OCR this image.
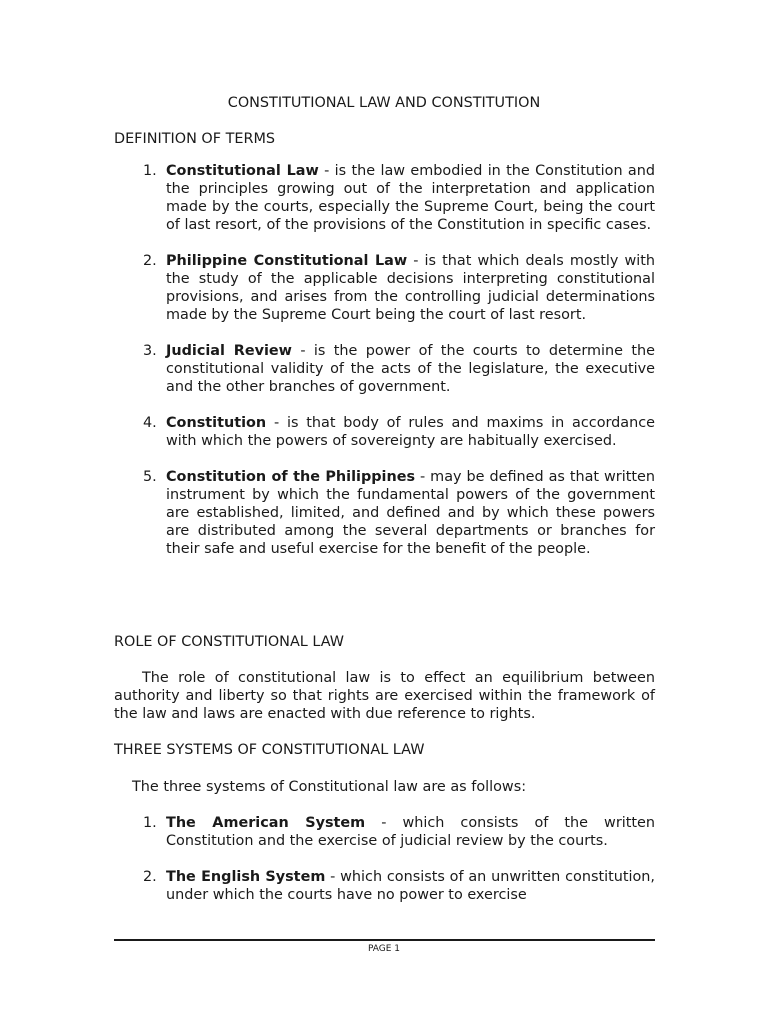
CONSTITUTIONAL LAW AND CONSTITUTION
DEFINITION OF TERMS
1. Constitutional Law - is the law embodied in the Constitution and the principles growing out of the interpretation and application made by the courts, especially the Supreme Court, being the court of last resort, of the provisions of the Constitution in specific cases.
2. Philippine Constitutional Law - is that which deals mostly with the study of the applicable decisions interpreting constitutional provisions, and arises from the controlling judicial determinations made by the Supreme Court being the court of last resort.
3. Judicial Review - is the power of the courts to determine the constitutional validity of the acts of the legislature, the executive and the other branches of government.
4. Constitution - is that body of rules and maxims in accordance with which the powers of sovereignty are habitually exercised.
5. Constitution of the Philippines - may be defined as that written instrument by which the fundamental powers of the government are established, limited, and defined and by which these powers are distributed among the several departments or branches for their safe and useful exercise for the benefit of the people.
ROLE OF CONSTITUTIONAL LAW
The role of constitutional law is to effect an equilibrium between authority and liberty so that rights are exercised within the framework of the law and laws are enacted with due reference to rights.
THREE SYSTEMS OF CONSTITUTIONAL LAW
The three systems of Constitutional law are as follows:
1. The American System - which consists of the written Constitution and the exercise of judicial review by the courts.
2. The English System - which consists of an unwritten constitution, under which the courts have no power to exercise
PAGE 1
